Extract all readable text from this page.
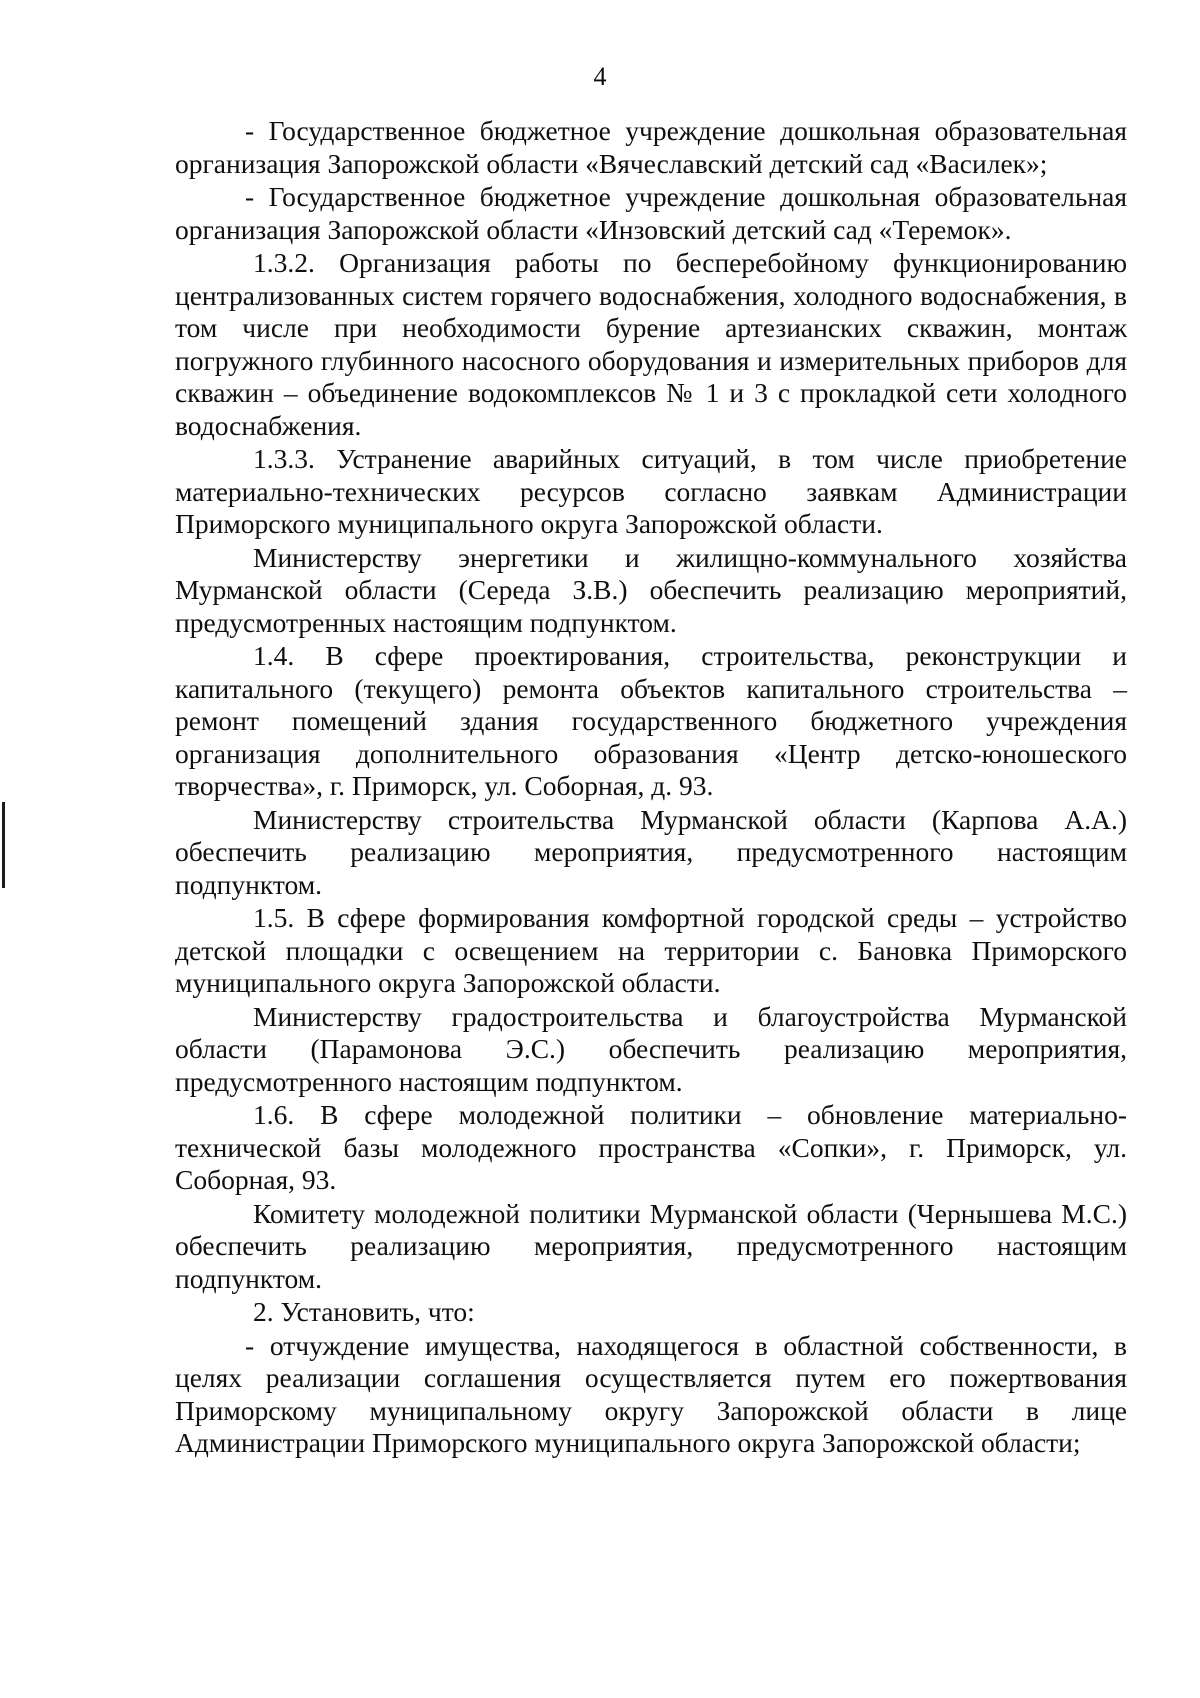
4

- Государственное бюджетное учреждение дошкольная образовательная организация Запорожской области «Вячеславский детский сад «Василек»;

- Государственное бюджетное учреждение дошкольная образовательная организация Запорожской области «Инзовский детский сад «Теремок».

1.3.2. Организация работы по бесперебойному функционированию централизованных систем горячего водоснабжения, холодного водоснабжения, в том числе при необходимости бурение артезианских скважин, монтаж погружного глубинного насосного оборудования и измерительных приборов для скважин – объединение водокомплексов № 1 и 3 с прокладкой сети холодного водоснабжения.

1.3.3. Устранение аварийных ситуаций, в том числе приобретение материально-технических ресурсов согласно заявкам Администрации Приморского муниципального округа Запорожской области.

Министерству энергетики и жилищно-коммунального хозяйства Мурманской области (Середа З.В.) обеспечить реализацию мероприятий, предусмотренных настоящим подпунктом.

1.4. В сфере проектирования, строительства, реконструкции и капитального (текущего) ремонта объектов капитального строительства – ремонт помещений здания государственного бюджетного учреждения организация дополнительного образования «Центр детско-юношеского творчества», г. Приморск, ул. Соборная, д. 93.

Министерству строительства Мурманской области (Карпова А.А.) обеспечить реализацию мероприятия, предусмотренного настоящим подпунктом.

1.5. В сфере формирования комфортной городской среды – устройство детской площадки с освещением на территории с. Бановка Приморского муниципального округа Запорожской области.

Министерству градостроительства и благоустройства Мурманской области (Парамонова Э.С.) обеспечить реализацию мероприятия, предусмотренного настоящим подпунктом.

1.6. В сфере молодежной политики – обновление материально-технической базы молодежного пространства «Сопки», г. Приморск, ул. Соборная, 93.

Комитету молодежной политики Мурманской области (Чернышева М.С.) обеспечить реализацию мероприятия, предусмотренного настоящим подпунктом.

2. Установить, что:

- отчуждение имущества, находящегося в областной собственности, в целях реализации соглашения осуществляется путем его пожертвования Приморскому муниципальному округу Запорожской области в лице Администрации Приморского муниципального округа Запорожской области;
